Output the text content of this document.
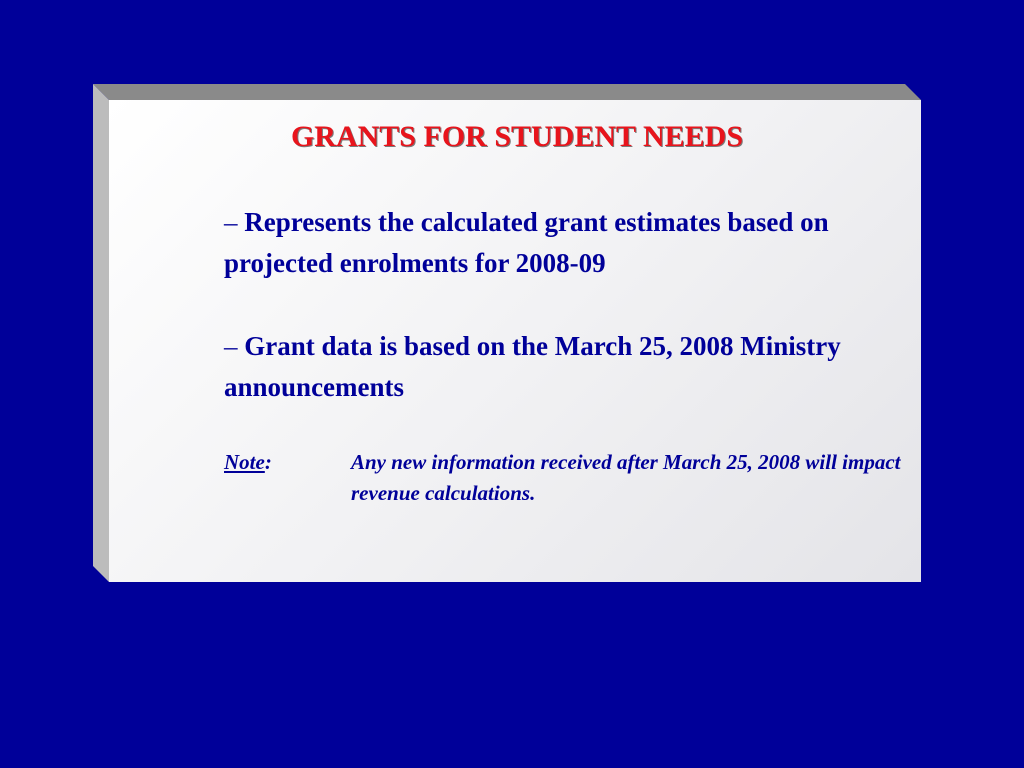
GRANTS FOR STUDENT NEEDS

– Represents the calculated grant estimates based on projected enrolments for 2008-09

– Grant data is based on the March 25, 2008 Ministry announcements

Note:	Any new information received after March 25, 2008 will impact revenue calculations.
